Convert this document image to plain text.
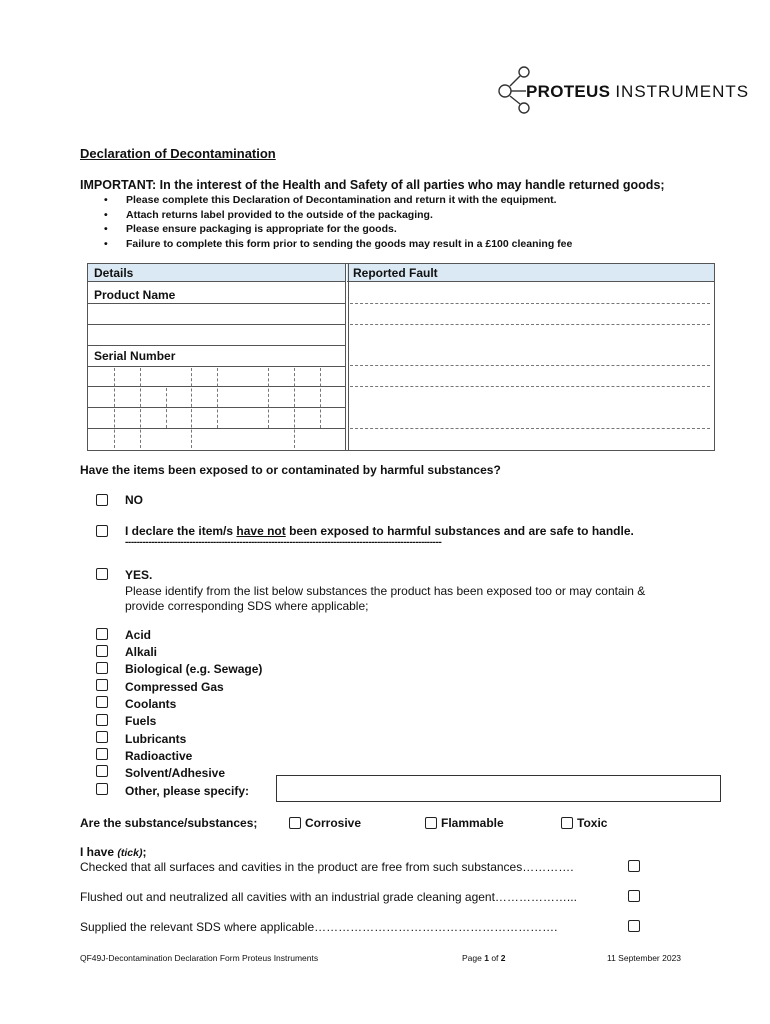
PROTEUS INSTRUMENTS
Declaration of Decontamination
IMPORTANT: In the interest of the Health and Safety of all parties who may handle returned goods;
• Please complete this Declaration of Decontamination and return it with the equipment.
• Attach returns label provided to the outside of the packaging.
• Please ensure packaging is appropriate for the goods.
• Failure to complete this form prior to sending the goods may result in a £100 cleaning fee
Details	Reported Fault
Product Name
Serial Number
Have the items been exposed to or contaminated by harmful substances?
NO
I declare the item/s have not been exposed to harmful substances and are safe to handle.
------------------------------------------------------------------------------------------------------------
YES.
Please identify from the list below substances the product has been exposed too or may contain &
provide corresponding SDS where applicable;
Acid
Alkali
Biological (e.g. Sewage)
Compressed Gas
Coolants
Fuels
Lubricants
Radioactive
Solvent/Adhesive
Other, please specify:
Are the substance/substances;	Corrosive	Flammable	Toxic
I have (tick);
Checked that all surfaces and cavities in the product are free from such substances………….
Flushed out and neutralized all cavities with an industrial grade cleaning agent………………...
Supplied the relevant SDS where applicable…………………………………………………….
QF49J-Decontamination Declaration Form Proteus Instruments	Page 1 of 2	11 September 2023
